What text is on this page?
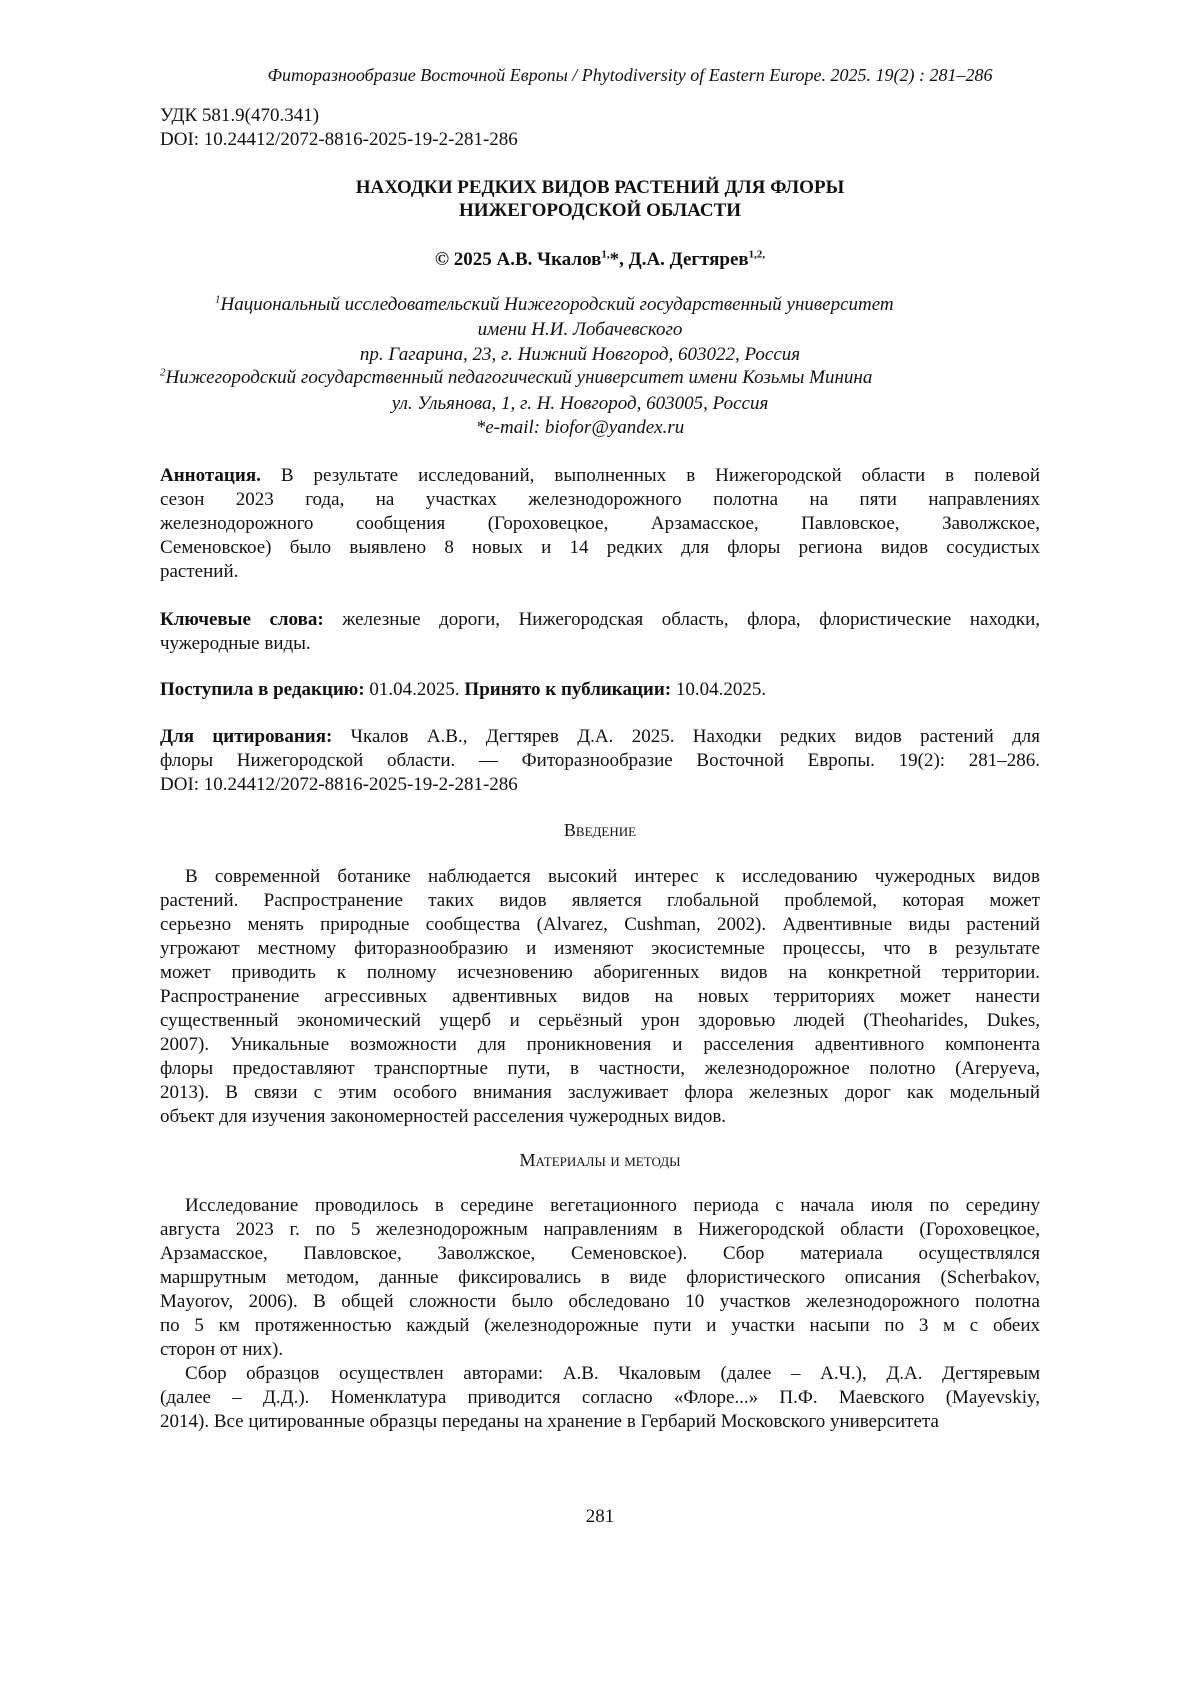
Фиторазнообразие Восточной Европы / Phytodiversity of Eastern Europe. 2025. 19(2) : 281–286
УДК 581.9(470.341)
DOI: 10.24412/2072-8816-2025-19-2-281-286
НАХОДКИ РЕДКИХ ВИДОВ РАСТЕНИЙ ДЛЯ ФЛОРЫ
НИЖЕГОРОДСКОЙ ОБЛАСТИ
© 2025 А.В. Чкалов1,*, Д.А. Дегтярев1,2,
1Национальный исследовательский Нижегородский государственный университет
имени Н.И. Лобачевского
пр. Гагарина, 23, г. Нижний Новгород, 603022, Россия
2Нижегородский государственный педагогический университет имени Козьмы Минина
ул. Ульянова, 1, г. Н. Новгород, 603005, Россия
*e-mail: biofor@yandex.ru
Аннотация. В результате исследований, выполненных в Нижегородской области в полевой
сезон 2023 года, на участках железнодорожного полотна на пяти направлениях
железнодорожного сообщения (Гороховецкое, Арзамасское, Павловское, Заволжское,
Семеновское) было выявлено 8 новых и 14 редких для флоры региона видов сосудистых
растений.
Ключевые слова: железные дороги, Нижегородская область, флора, флористические находки,
чужеродные виды.
Поступила в редакцию: 01.04.2025. Принято к публикации: 10.04.2025.
Для цитирования: Чкалов А.В., Дегтярев Д.А. 2025. Находки редких видов растений для
флоры Нижегородской области. — Фиторазнообразие Восточной Европы. 19(2): 281–286.
DOI: 10.24412/2072-8816-2025-19-2-281-286
В современной ботанике наблюдается высокий интерес к исследованию чужеродных видов
растений. Распространение таких видов является глобальной проблемой, которая может
серьезно менять природные сообщества (Alvarez, Cushman, 2002). Адвентивные виды растений
угрожают местному фиторазнообразию и изменяют экосистемные процессы, что в результате
может приводить к полному исчезновению аборигенных видов на конкретной территории.
Распространение агрессивных адвентивных видов на новых территориях может нанести
существенный экономический ущерб и серьёзный урон здоровью людей (Theoharides, Dukes,
2007). Уникальные возможности для проникновения и расселения адвентивного компонента
флоры предоставляют транспортные пути, в частности, железнодорожное полотно (Arepyeva,
2013). В связи с этим особого внимания заслуживает флора железных дорог как модельный
объект для изучения закономерностей расселения чужеродных видов.
Исследование проводилось в середине вегетационного периода с начала июля по середину
августа 2023 г. по 5 железнодорожным направлениям в Нижегородской области (Гороховецкое,
Арзамасское, Павловское, Заволжское, Семеновское). Сбор материала осуществлялся
маршрутным методом, данные фиксировались в виде флористического описания (Scherbakov,
Mayorov, 2006). В общей сложности было обследовано 10 участков железнодорожного полотна
по 5 км протяженностью каждый (железнодорожные пути и участки насыпи по 3 м с обеих
сторон от них).
Сбор образцов осуществлен авторами: А.В. Чкаловым (далее – А.Ч.), Д.А. Дегтяревым
(далее – Д.Д.). Номенклатура приводится согласно «Флоре...» П.Ф. Маевского (Mayevskiy,
2014). Все цитированные образцы переданы на хранение в Гербарий Московского университета
Введение
Материалы и методы
281
